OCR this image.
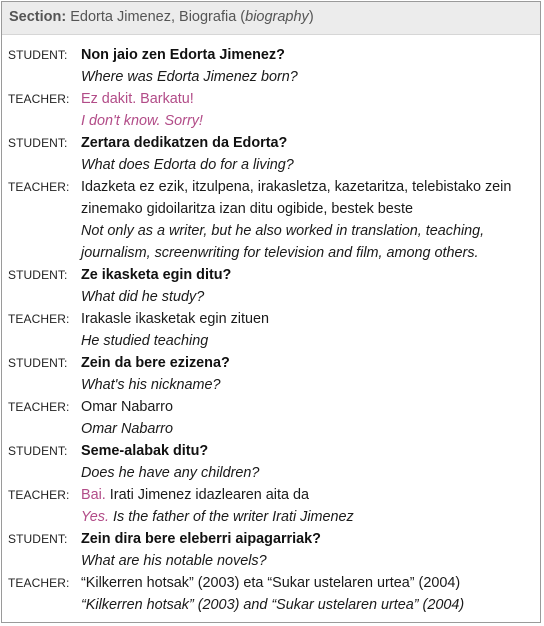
Section: Edorta Jimenez, Biografia (biography)
STUDENT: Non jaio zen Edorta Jimenez?
Where was Edorta Jimenez born?
TEACHER: Ez dakit. Barkatu!
I don't know. Sorry!
STUDENT: Zertara dedikatzen da Edorta?
What does Edorta do for a living?
TEACHER: Idazketa ez ezik, itzulpena, irakasletza, kazetaritza, telebistako zein zinemako gidoilaritza izan ditu ogibide, bestek beste
Not only as a writer, but he also worked in translation, teaching, journalism, screenwriting for television and film, among others.
STUDENT: Ze ikasketa egin ditu?
What did he study?
TEACHER: Irakasle ikasketak egin zituen
He studied teaching
STUDENT: Zein da bere ezizena?
What's his nickname?
TEACHER: Omar Nabarro
Omar Nabarro
STUDENT: Seme-alabak ditu?
Does he have any children?
TEACHER: Bai. Irati Jimenez idazlearen aita da
Yes. Is the father of the writer Irati Jimenez
STUDENT: Zein dira bere eleberri aipagarriak?
What are his notable novels?
TEACHER: “Kilkerren hotsak” (2003) eta “Sukar ustelaren urtea” (2004)
“Kilkerren hotsak” (2003) and “Sukar ustelaren urtea” (2004)
